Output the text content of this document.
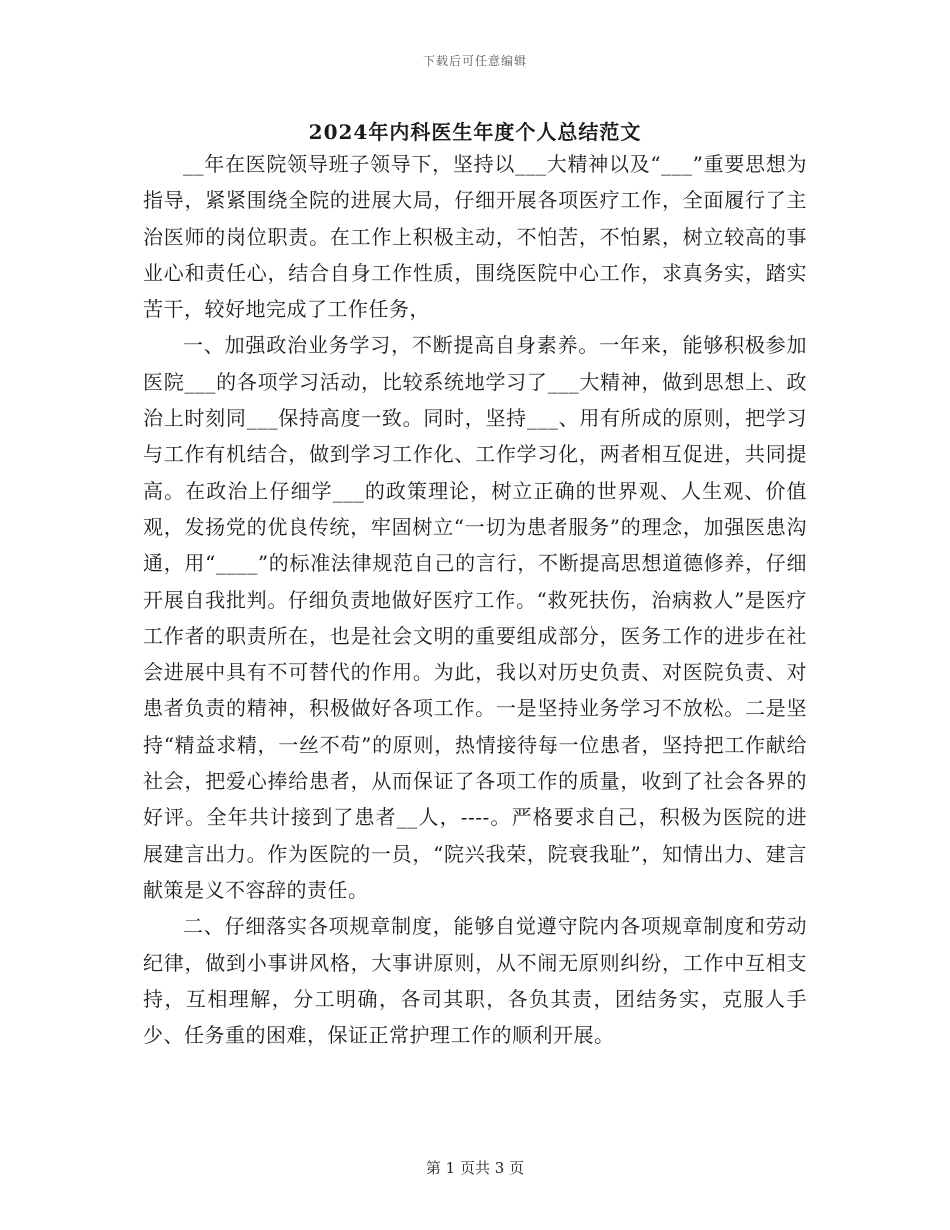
下载后可任意编辑
2024年内科医生年度个人总结范文

__年在医院领导班子领导下，坚持以___大精神以及“___”重要思想为指导，紧紧围绕全院的进展大局，仔细开展各项医疗工作，全面履行了主治医师的岗位职责。在工作上积极主动，不怕苦，不怕累，树立较高的事业心和责任心，结合自身工作性质，围绕医院中心工作，求真务实，踏实苦干，较好地完成了工作任务，

一、加强政治业务学习，不断提高自身素养。一年来，能够积极参加医院___的各项学习活动，比较系统地学习了___大精神，做到思想上、政治上时刻同___保持高度一致。同时，坚持___、用有所成的原则，把学习与工作有机结合，做到学习工作化、工作学习化，两者相互促进，共同提高。在政治上仔细学___的政策理论，树立正确的世界观、人生观、价值观，发扬党的优良传统，牢固树立“一切为患者服务”的理念，加强医患沟通，用“____”的标准法律规范自己的言行，不断提高思想道德修养，仔细开展自我批判。仔细负责地做好医疗工作。“救死扶伤，治病救人”是医疗工作者的职责所在，也是社会文明的重要组成部分，医务工作的进步在社会进展中具有不可替代的作用。为此，我以对历史负责、对医院负责、对患者负责的精神，积极做好各项工作。一是坚持业务学习不放松。二是坚持“精益求精，一丝不苟”的原则，热情接待每一位患者，坚持把工作献给社会，把爱心捧给患者，从而保证了各项工作的质量，收到了社会各界的好评。全年共计接到了患者__人，----。严格要求自己，积极为医院的进展建言出力。作为医院的一员，“院兴我荣，院衰我耻”，知情出力、建言献策是义不容辞的责任。

二、仔细落实各项规章制度，能够自觉遵守院内各项规章制度和劳动纪律，做到小事讲风格，大事讲原则，从不闹无原则纠纷，工作中互相支持，互相理解，分工明确，各司其职，各负其责，团结务实，克服人手少、任务重的困难，保证正常护理工作的顺利开展。

第 1 页共 3 页
